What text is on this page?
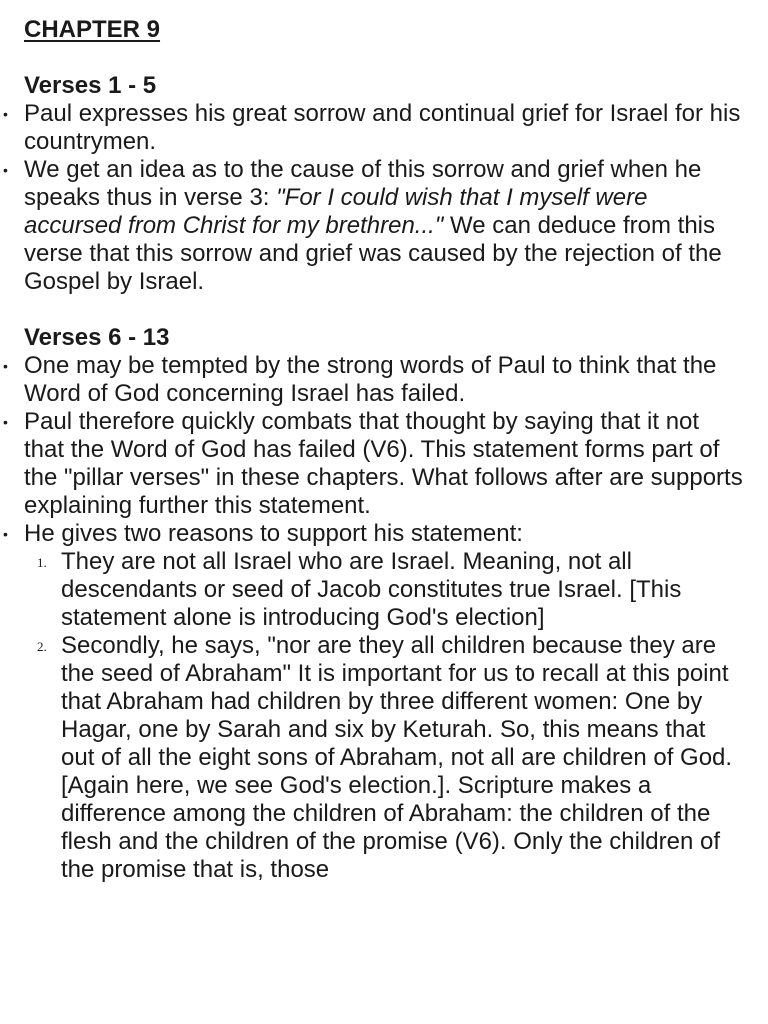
CHAPTER 9
Verses 1 - 5
• Paul expresses his great sorrow and continual grief for Israel for his countrymen.
• We get an idea as to the cause of this sorrow and grief when he speaks thus in verse 3: "For I could wish that I myself were accursed from Christ for my brethren..." We can deduce from this verse that this sorrow and grief was caused by the rejection of the Gospel by Israel.
Verses 6 - 13
• One may be tempted by the strong words of Paul to think that the Word of God concerning Israel has failed.
• Paul therefore quickly combats that thought by saying that it not that the Word of God has failed (V6). This statement forms part of the "pillar verses" in these chapters. What follows after are supports explaining further this statement.
• He gives two reasons to support his statement:
1. They are not all Israel who are Israel. Meaning, not all descendants or seed of Jacob constitutes true Israel. [This statement alone is introducing God's election]
2. Secondly, he says, "nor are they all children because they are the seed of Abraham" It is important for us to recall at this point that Abraham had children by three different women: One by Hagar, one by Sarah and six by Keturah. So, this means that out of all the eight sons of Abraham, not all are children of God. [Again here, we see God's election.]. Scripture makes a difference among the children of Abraham: the children of the flesh and the children of the promise (V6). Only the children of the promise that is, those
